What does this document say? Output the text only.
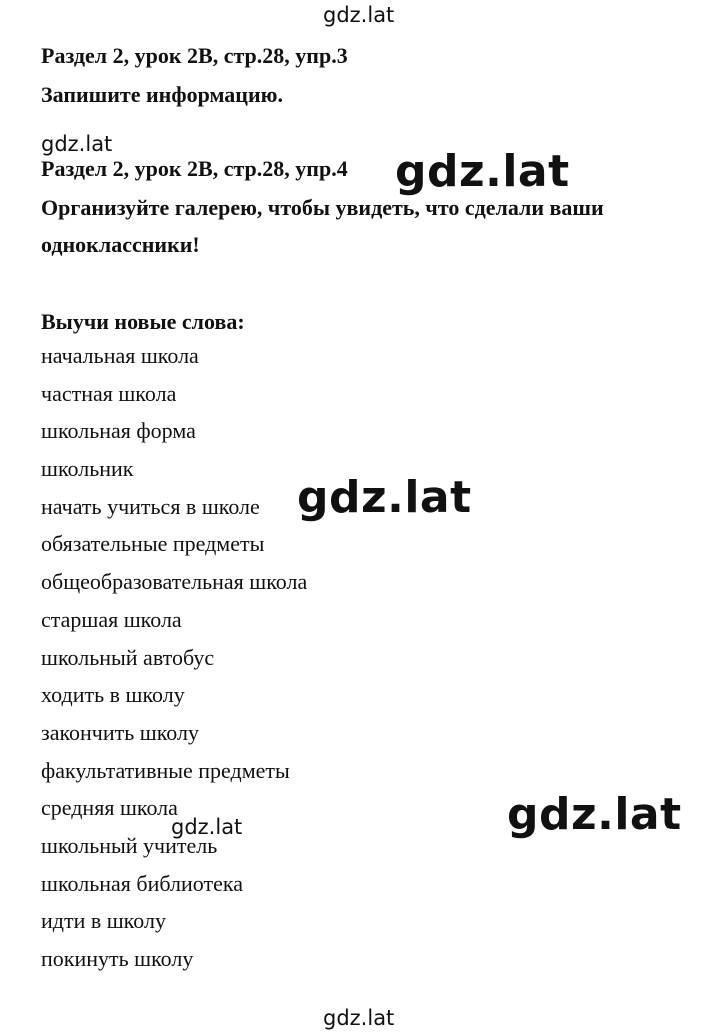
gdz.lat
Раздел 2, урок 2B, стр.28, упр.3
Запишите информацию.
gdz.lat
Раздел 2, урок 2B, стр.28, упр.4 gdz.lat
Организуйте галерею, чтобы увидеть, что сделали ваши
одноклассники!
Выучи новые слова:
начальная школа
частная школа
школьная форма
школьник
начать учиться в школе
обязательные предметы
общеобразовательная школа
старшая школа
школьный автобус
ходить в школу
закончить школу
факультативные предметы
средняя школа
школьный учитель
школьная библиотека
идти в школу
покинуть школу
gdz.lat
gdz.lat
gdz.lat
gdz.lat
